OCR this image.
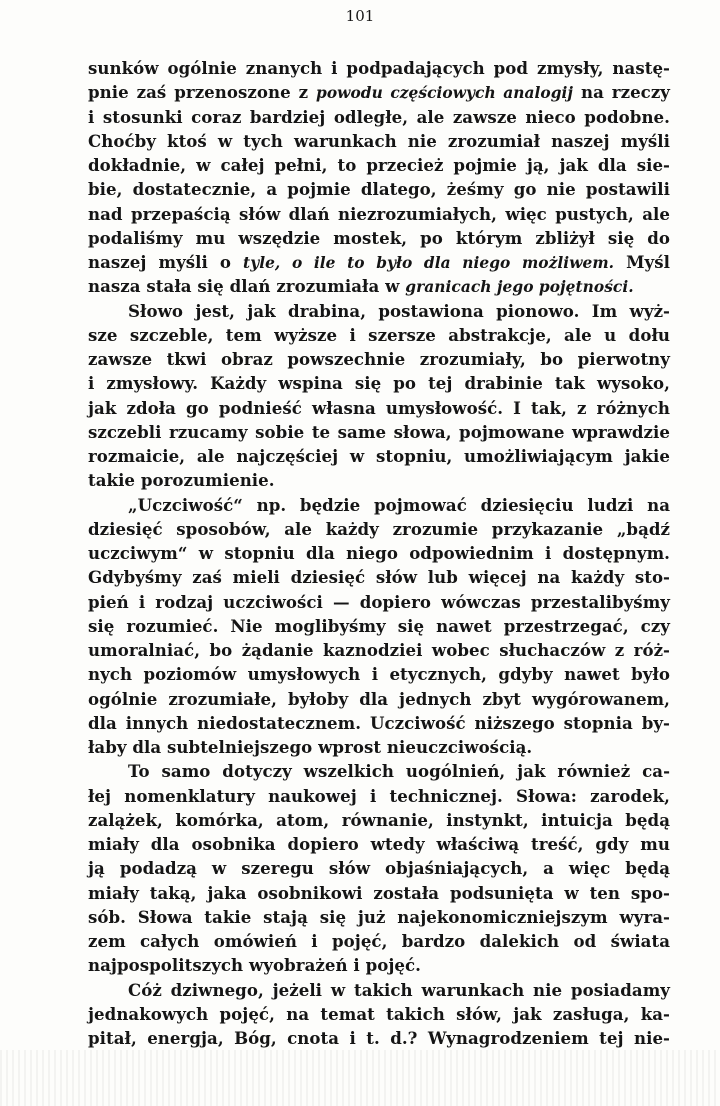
101
sunków ogólnie znanych i podpadających pod zmysły, nastę-
pnie zaś przenoszone z powodu częściowych analogij na rzeczy
i stosunki coraz bardziej odległe, ale zawsze nieco podobne.
Choćby ktoś w tych warunkach nie zrozumiał naszej myśli
dokładnie, w całej pełni, to przecież pojmie ją, jak dla sie-
bie, dostatecznie, a pojmie dlatego, żeśmy go nie postawili
nad przepaścią słów dlań niezrozumiałych, więc pustych, ale
podaliśmy mu wszędzie mostek, po którym zbliżył się do
naszej myśli o tyle, o ile to było dla niego możliwem. Myśl
nasza stała się dlań zrozumiała w granicach jego pojętności.
Słowo jest, jak drabina, postawiona pionowo. Im wyż-
sze szczeble, tem wyższe i szersze abstrakcje, ale u dołu
zawsze tkwi obraz powszechnie zrozumiały, bo pierwotny
i zmysłowy. Każdy wspina się po tej drabinie tak wysoko,
jak zdoła go podnieść własna umysłowość. I tak, z różnych
szczebli rzucamy sobie te same słowa, pojmowane wprawdzie
rozmaicie, ale najczęściej w stopniu, umożliwiającym jakie
takie porozumienie.
„Uczciwość“ np. będzie pojmować dziesięciu ludzi na
dziesięć sposobów, ale każdy zrozumie przykazanie „bądź
uczciwym“ w stopniu dla niego odpowiednim i dostępnym.
Gdybyśmy zaś mieli dziesięć słów lub więcej na każdy sto-
pień i rodzaj uczciwości — dopiero wówczas przestalibyśmy
się rozumieć. Nie moglibyśmy się nawet przestrzegać, czy
umoralniać, bo żądanie kaznodziei wobec słuchaczów z róż-
nych poziomów umysłowych i etycznych, gdyby nawet było
ogólnie zrozumiałe, byłoby dla jednych zbyt wygórowanem,
dla innych niedostatecznem. Uczciwość niższego stopnia by-
łaby dla subtelniejszego wprost nieuczciwością.
To samo dotyczy wszelkich uogólnień, jak również ca-
łej nomenklatury naukowej i technicznej. Słowa: zarodek,
zalążek, komórka, atom, równanie, instynkt, intuicja będą
miały dla osobnika dopiero wtedy właściwą treść, gdy mu
ją podadzą w szeregu słów objaśniających, a więc będą
miały taką, jaka osobnikowi została podsunięta w ten spo-
sób. Słowa takie stają się już najekonomiczniejszym wyra-
zem całych omówień i pojęć, bardzo dalekich od świata
najpospolitszych wyobrażeń i pojęć.
Cóż dziwnego, jeżeli w takich warunkach nie posiadamy
jednakowych pojęć, na temat takich słów, jak zasługa, ka-
pitał, energja, Bóg, cnota i t. d.? Wynagrodzeniem tej nie-
